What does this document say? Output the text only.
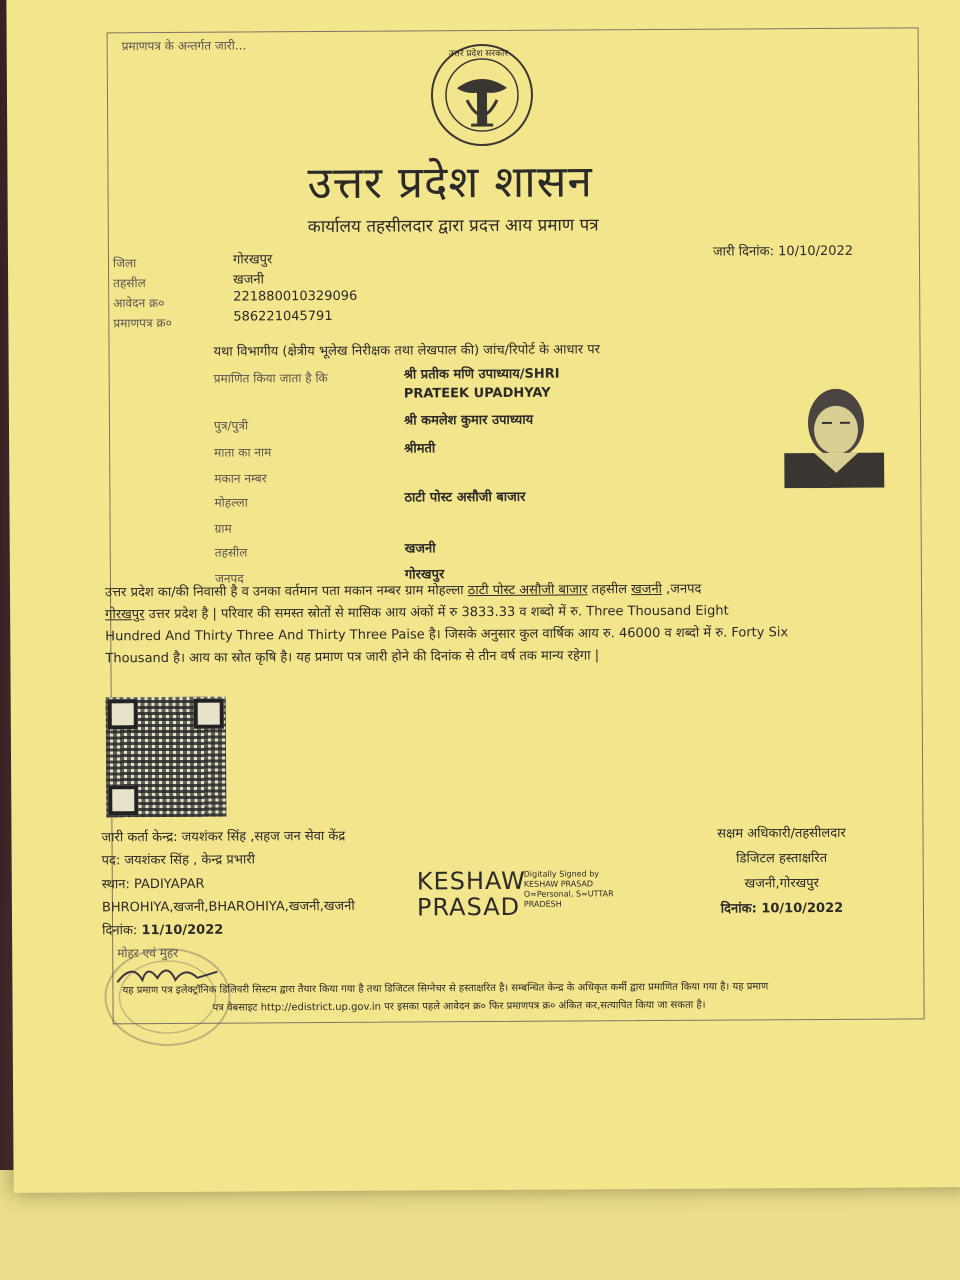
प्रमाणपत्र के अन्तर्गत जारी...
उत्तर प्रदेश सरकार
उत्तर प्रदेश शासन
कार्यालय तहसीलदार द्वारा प्रदत्त आय प्रमाण पत्र
जारी दिनांक: 10/10/2022
जिला	गोरखपुर
तहसील	खजनी
आवेदन क्र०	221880010329096
प्रमाणपत्र क्र०	586221045791
यथा विभागीय (क्षेत्रीय भूलेख निरीक्षक तथा लेखपाल की) जांच/रिपोर्ट के आधार पर
प्रमाणित किया जाता है कि	श्री प्रतीक मणि उपाध्याय/SHRI
PRATEEK UPADHYAY
पुत्र/पुत्री	श्री कमलेश कुमार उपाध्याय
माता का नाम	श्रीमती
मकान नम्बर
मोहल्ला	ठाटी पोस्ट असौजी बाजार
ग्राम
तहसील	खजनी
जनपद	गोरखपुर
उत्तर प्रदेश का/की निवासी है व उनका वर्तमान पता मकान नम्बर ग्राम मोहल्ला ठाटी पोस्ट असौजी बाजार तहसील खजनी ,जनपद
गोरखपुर उत्तर प्रदेश है | परिवार की समस्त स्रोतों से मासिक आय अंकों में रु 3833.33 व शब्दो में रु. Three Thousand Eight
Hundred And Thirty Three And Thirty Three Paise है। जिसके अनुसार कुल वार्षिक आय रु. 46000 व शब्दो में रु. Forty Six
Thousand है। आय का स्रोत कृषि है। यह प्रमाण पत्र जारी होने की दिनांक से तीन वर्ष तक मान्य रहेगा |
जारी कर्ता केन्द्र: जयशंकर सिंह ,सहज जन सेवा केंद्र
पद: जयशंकर सिंह , केन्द्र प्रभारी
स्थान: PADIYAPAR
BHROHIYA,खजनी,BHAROHIYA,खजनी,खजनी
दिनांक: 11/10/2022
मोहर एवं मुहर
KESHAW
PRASAD
Digitally Signed by
KESHAW PRASAD
O=Personal, S=UTTAR
PRADESH
सक्षम अधिकारी/तहसीलदार
डिजिटल हस्ताक्षरित
खजनी,गोरखपुर
दिनांक: 10/10/2022
यह प्रमाण पत्र इलेक्ट्रॉनिक डिलिवरी सिस्टम द्वारा तैयार किया गया है तथा डिजिटल सिग्नेचर से हस्ताक्षरित है। सम्बन्धित केन्द्र के अधिकृत कर्मी द्वारा प्रमाणित किया गया है। यह प्रमाण
पत्र वेबसाइट http://edistrict.up.gov.in पर इसका पहले आवेदन क्र० फिर प्रमाणपत्र क्र० अंकित कर,सत्यापित किया जा सकता है।
